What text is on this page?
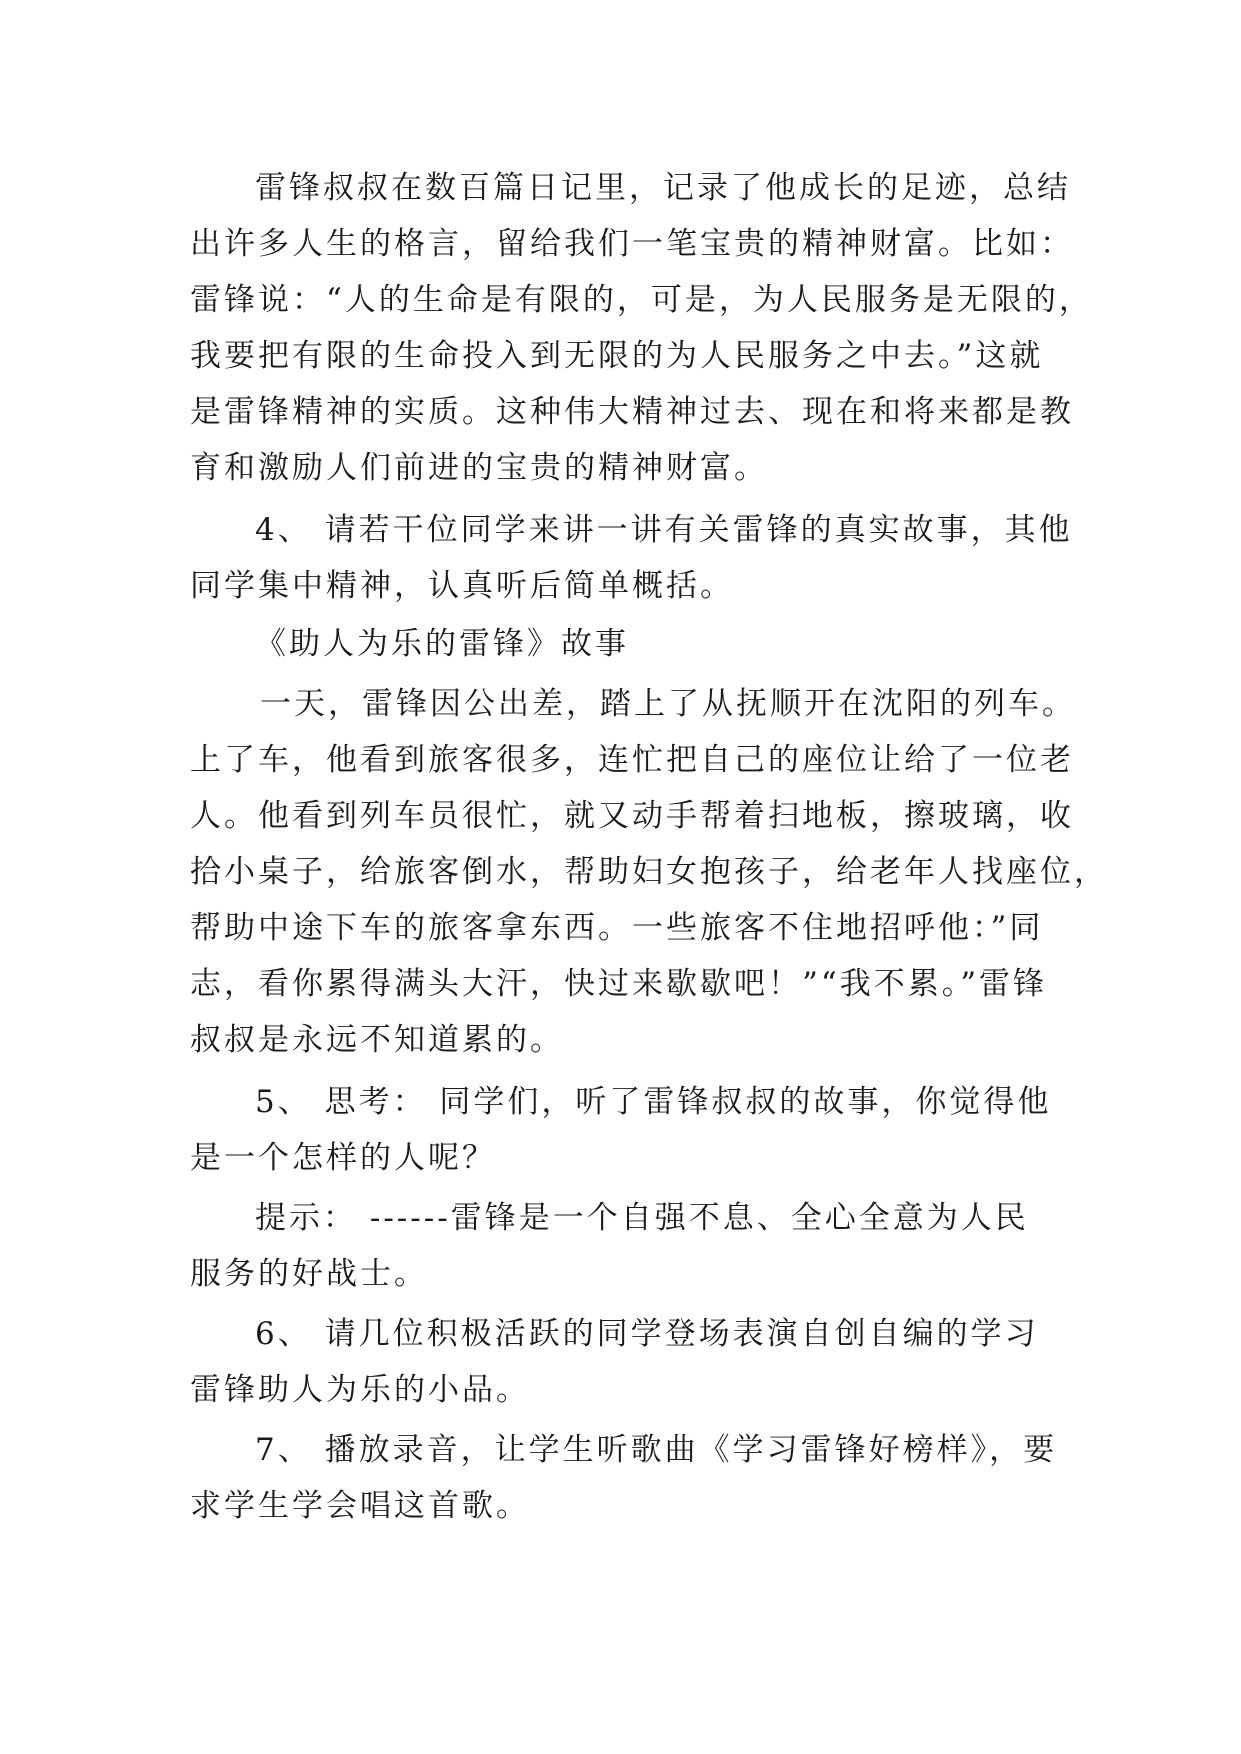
雷锋叔叔在数百篇日记里，记录了他成长的足迹，总结
出许多人生的格言，留给我们一笔宝贵的精神财富。比如：
雷锋说：“人的生命是有限的，可是，为人民服务是无限的，
我要把有限的生命投入到无限的为人民服务之中去。”这就
是雷锋精神的实质。这种伟大精神过去、现在和将来都是教
育和激励人们前进的宝贵的精神财富。
4、 请若干位同学来讲一讲有关雷锋的真实故事，其他
同学集中精神，认真听后简单概括。
《助人为乐的雷锋》故事
一天，雷锋因公出差，踏上了从抚顺开在沈阳的列车。
上了车，他看到旅客很多，连忙把自己的座位让给了一位老
人。他看到列车员很忙，就又动手帮着扫地板，擦玻璃，收
拾小桌子，给旅客倒水，帮助妇女抱孩子，给老年人找座位，
帮助中途下车的旅客拿东西。一些旅客不住地招呼他：”同
志，看你累得满头大汗，快过来歇歇吧！”“我不累。”雷锋
叔叔是永远不知道累的。
5、 思考： 同学们，听了雷锋叔叔的故事，你觉得他
是一个怎样的人呢？
提示： ------雷锋是一个自强不息、全心全意为人民
服务的好战士。
6、 请几位积极活跃的同学登场表演自创自编的学习
雷锋助人为乐的小品。
7、 播放录音，让学生听歌曲《学习雷锋好榜样》，要
求学生学会唱这首歌。
